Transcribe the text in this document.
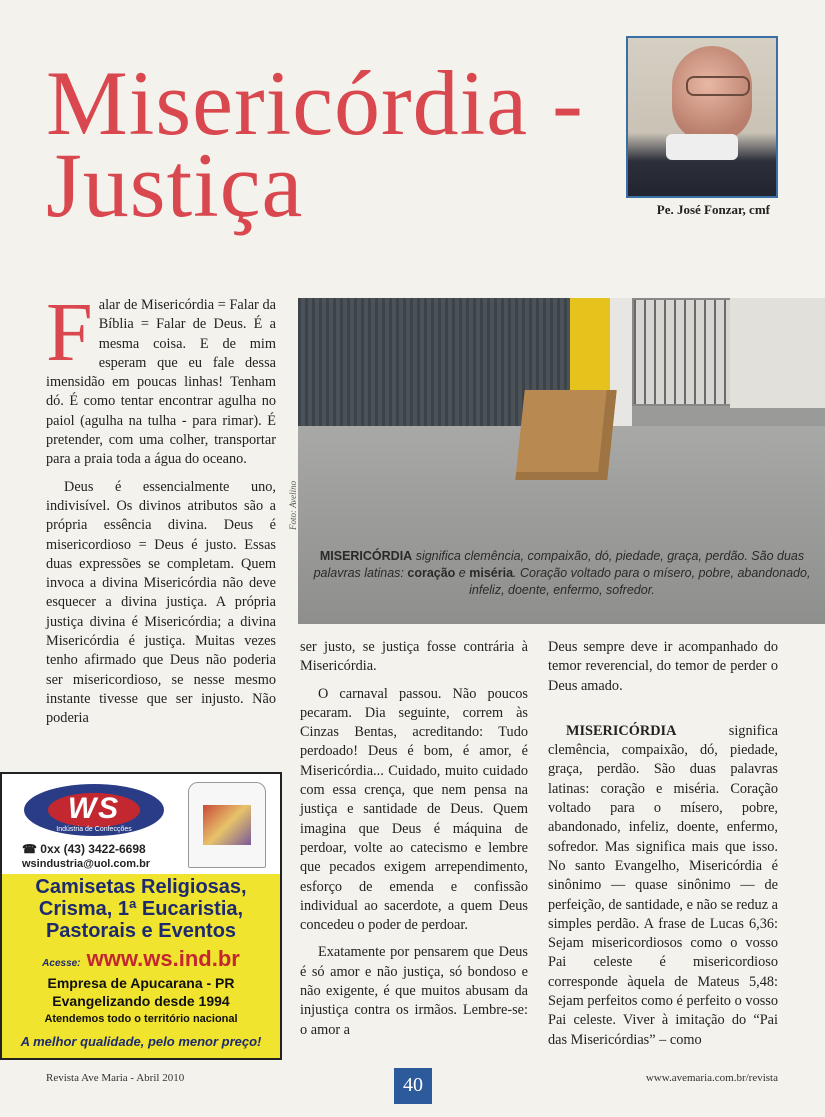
Misericórdia -
Justiça	Pe. José Fonzar, cmf
Foto: Avelino
MISERICÓRDIA significa clemência, compaixão, dó, piedade, graça, perdão. São duas palavras latinas: coração e miséria. Coração voltado para o mísero, pobre, abandonado, infeliz, doente, enfermo, sofredor.
F alar de Misericórdia = Falar da Bíblia = Falar de Deus. É a mesma coisa. E de mim esperam que eu fale dessa imensidão em poucas linhas! Tenham dó. É como tentar encontrar agulha no paiol (agulha na tulha - para rimar). É pretender, com uma colher, transportar para a praia toda a água do oceano.

Deus é essencialmente uno, indivisível. Os divinos atributos são a própria essência divina. Deus é misericordioso = Deus é justo. Essas duas expressões se completam. Quem invoca a divina Misericórdia não deve esquecer a divina justiça. A própria justiça divina é Misericórdia; a divina Misericórdia é justiça. Muitas vezes tenho afirmado que Deus não poderia ser misericordioso, se nesse mesmo instante tivesse que ser injusto. Não poderia

ser justo, se justiça fosse contrária à Misericórdia.

O carnaval passou. Não poucos pecaram. Dia seguinte, correm às Cinzas Bentas, acreditando: Tudo perdoado! Deus é bom, é amor, é Misericórdia... Cuidado, muito cuidado com essa crença, que nem pensa na justiça e santidade de Deus. Quem imagina que Deus é máquina de perdoar, volte ao catecismo e lembre que pecados exigem arrependimento, esforço de emenda e confissão individual ao sacerdote, a quem Deus concedeu o poder de perdoar.

Exatamente por pensarem que Deus é só amor e não justiça, só bondoso e não exigente, é que muitos abusam da injustiça contra os irmãos. Lembre-se: o amor a

Deus sempre deve ir acompanhado do temor reverencial, do temor de perder o Deus amado.

MISERICÓRDIA significa clemência, compaixão, dó, piedade, graça, perdão. São duas palavras latinas: coração e miséria. Coração voltado para o mísero, pobre, abandonado, infeliz, doente, enfermo, sofredor. Mas significa mais que isso. No santo Evangelho, Misericórdia é sinônimo — quase sinônimo — de perfeição, de santidade, e não se reduz a simples perdão. A frase de Lucas 6,36: Sejam misericordiosos como o vosso Pai celeste é misericordioso corresponde àquela de Mateus 5,48: Sejam perfeitos como é perfeito o vosso Pai celeste. Viver à imitação do “Pai das Misericórdias” – como

WS
Indústria de Confecções
☎ 0xx (43) 3422-6698
wsindustria@uol.com.br
Camisetas Religiosas,
Crisma, 1ª Eucaristia,
Pastorais e Eventos
Acesse: www.ws.ind.br
Empresa de Apucarana - PR
Evangelizando desde 1994
Atendemos todo o território nacional
A melhor qualidade, pelo menor preço!
Revista Ave Maria - Abril 2010	40	www.avemaria.com.br/revista
